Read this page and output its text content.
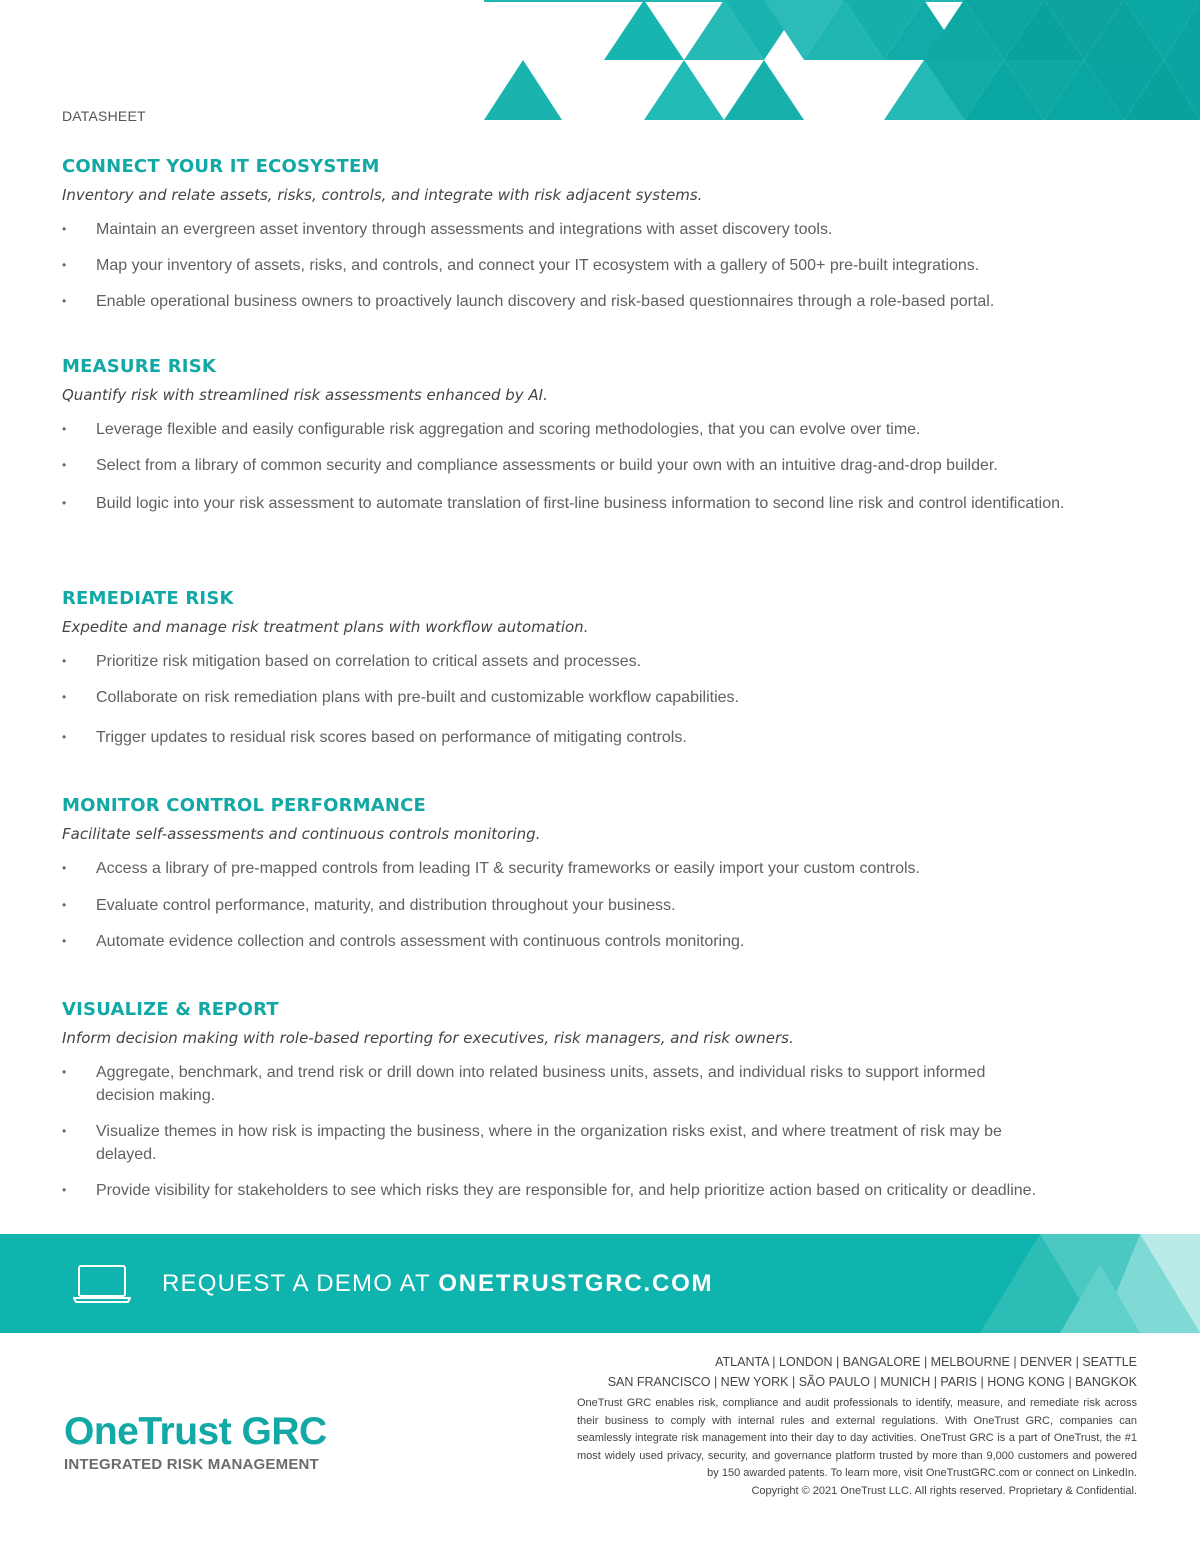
DATASHEET
CONNECT YOUR IT ECOSYSTEM
Inventory and relate assets, risks, controls, and integrate with risk adjacent systems.
• Maintain an evergreen asset inventory through assessments and integrations with asset discovery tools.
• Map your inventory of assets, risks, and controls, and connect your IT ecosystem with a gallery of 500+ pre-built integrations.
• Enable operational business owners to proactively launch discovery and risk-based questionnaires through a role-based portal.
MEASURE RISK
Quantify risk with streamlined risk assessments enhanced by AI.
• Leverage flexible and easily configurable risk aggregation and scoring methodologies, that you can evolve over time.
• Select from a library of common security and compliance assessments or build your own with an intuitive drag-and-drop builder.
• Build logic into your risk assessment to automate translation of first-line business information to second line risk and control identification.
REMEDIATE RISK
Expedite and manage risk treatment plans with workflow automation.
• Prioritize risk mitigation based on correlation to critical assets and processes.
• Collaborate on risk remediation plans with pre-built and customizable workflow capabilities.
• Trigger updates to residual risk scores based on performance of mitigating controls.
MONITOR CONTROL PERFORMANCE
Facilitate self-assessments and continuous controls monitoring.
• Access a library of pre-mapped controls from leading IT & security frameworks or easily import your custom controls.
• Evaluate control performance, maturity, and distribution throughout your business.
• Automate evidence collection and controls assessment with continuous controls monitoring.
VISUALIZE & REPORT
Inform decision making with role-based reporting for executives, risk managers, and risk owners.
• Aggregate, benchmark, and trend risk or drill down into related business units, assets, and individual risks to support informed decision making.
• Visualize themes in how risk is impacting the business, where in the organization risks exist, and where treatment of risk may be delayed.
• Provide visibility for stakeholders to see which risks they are responsible for, and help prioritize action based on criticality or deadline.
REQUEST A DEMO AT ONETRUSTGRC.COM
OneTrust GRC
INTEGRATED RISK MANAGEMENT
ATLANTA | LONDON | BANGALORE | MELBOURNE | DENVER | SEATTLE
SAN FRANCISCO | NEW YORK | SÃO PAULO | MUNICH | PARIS | HONG KONG | BANGKOK
OneTrust GRC enables risk, compliance and audit professionals to identify, measure, and remediate risk across their business to comply with internal rules and external regulations. With OneTrust GRC, companies can seamlessly integrate risk management into their day to day activities. OneTrust GRC is a part of OneTrust, the #1 most widely used privacy, security, and governance platform trusted by more than 9,000 customers and powered by 150 awarded patents. To learn more, visit OneTrustGRC.com or connect on LinkedIn.
Copyright © 2021 OneTrust LLC. All rights reserved. Proprietary & Confidential.
